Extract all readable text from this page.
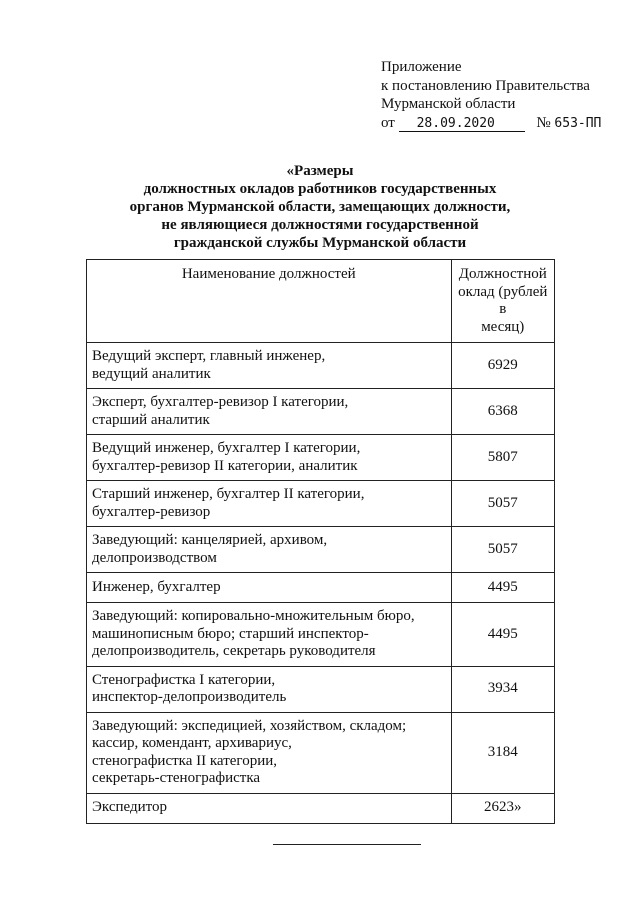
Приложение
к постановлению Правительства
Мурманской области
от 28.09.2020	№ 653-ПП
«Размеры
должностных окладов работников государственных
органов Мурманской области, замещающих должности,
не являющиеся должностями государственной
гражданской службы Мурманской области
Наименование должностей	Должностной
оклад (рублей в
месяц)

Ведущий эксперт, главный инженер,
ведущий аналитик	6929

Эксперт, бухгалтер-ревизор I категории,
старший аналитик	6368

Ведущий инженер, бухгалтер I категории,
бухгалтер-ревизор II категории, аналитик	5807

Старший инженер, бухгалтер II категории,
бухгалтер-ревизор	5057

Заведующий: канцелярией, архивом,
делопроизводством	5057

Инженер, бухгалтер	4495

Заведующий: копировально-множительным бюро,
машинописным бюро; старший инспектор-
делопроизводитель, секретарь руководителя	4495

Стенографистка I категории,
инспектор-делопроизводитель	3934

Заведующий: экспедицией, хозяйством, складом;
кассир, комендант, архивариус,
стенографистка II категории,
секретарь-стенографистка	3184

Экспедитор	2623»
